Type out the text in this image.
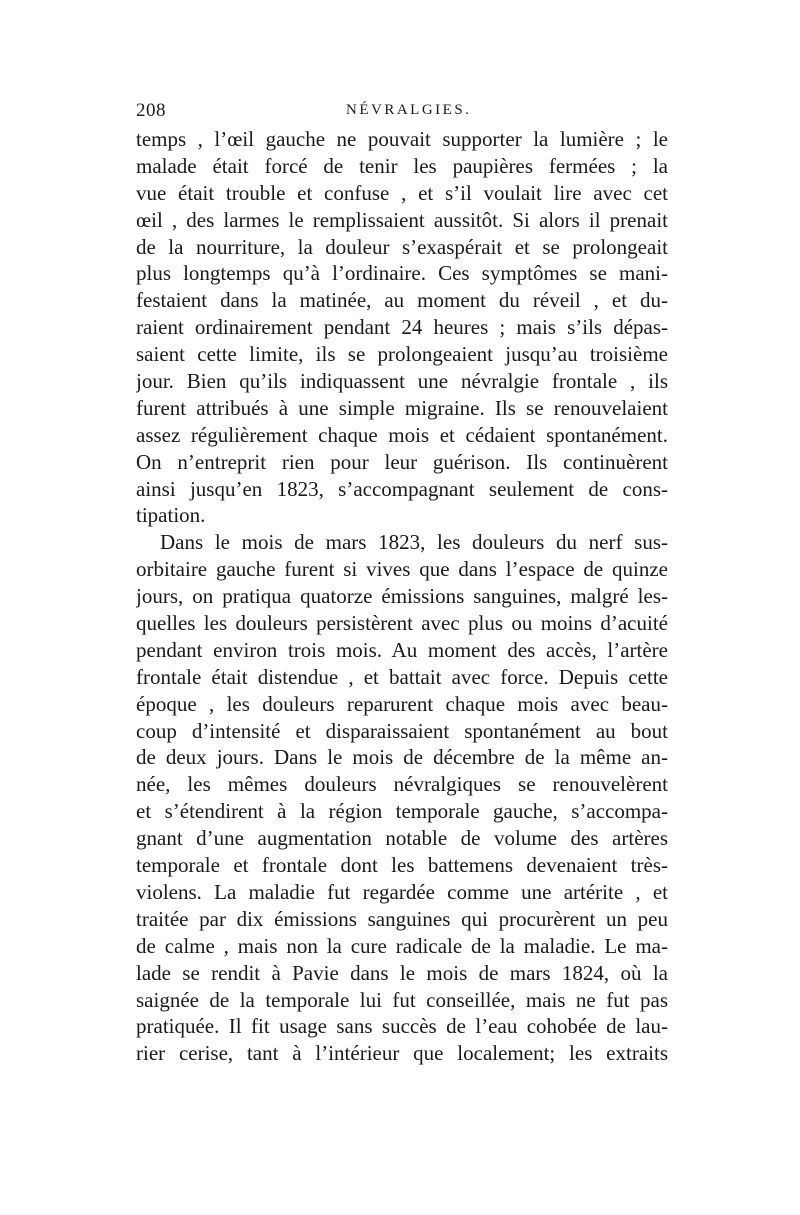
208	NÉVRALGIES.
temps , l’œil gauche ne pouvait supporter la lumière ; le
malade était forcé de tenir les paupières fermées ; la
vue était trouble et confuse , et s’il voulait lire avec cet
œil , des larmes le remplissaient aussitôt. Si alors il prenait
de la nourriture, la douleur s’exaspérait et se prolongeait
plus longtemps qu’à l’ordinaire. Ces symptômes se mani-
festaient dans la matinée, au moment du réveil , et du-
raient ordinairement pendant 24 heures ; mais s’ils dépas-
saient cette limite, ils se prolongeaient jusqu’au troisième
jour. Bien qu’ils indiquassent une névralgie frontale , ils
furent attribués à une simple migraine. Ils se renouvelaient
assez régulièrement chaque mois et cédaient spontanément.
On n’entreprit rien pour leur guérison. Ils continuèrent
ainsi jusqu’en 1823, s’accompagnant seulement de cons-
tipation.
Dans le mois de mars 1823, les douleurs du nerf sus-
orbitaire gauche furent si vives que dans l’espace de quinze
jours, on pratiqua quatorze émissions sanguines, malgré les-
quelles les douleurs persistèrent avec plus ou moins d’acuité
pendant environ trois mois. Au moment des accès, l’artère
frontale était distendue , et battait avec force. Depuis cette
époque , les douleurs reparurent chaque mois avec beau-
coup d’intensité et disparaissaient spontanément au bout
de deux jours. Dans le mois de décembre de la même an-
née, les mêmes douleurs névralgiques se renouvelèrent
et s’étendirent à la région temporale gauche, s’accompa-
gnant d’une augmentation notable de volume des artères
temporale et frontale dont les battemens devenaient très-
violens. La maladie fut regardée comme une artérite , et
traitée par dix émissions sanguines qui procurèrent un peu
de calme , mais non la cure radicale de la maladie. Le ma-
lade se rendit à Pavie dans le mois de mars 1824, où la
saignée de la temporale lui fut conseillée, mais ne fut pas
pratiquée. Il fit usage sans succès de l’eau cohobée de lau-
rier cerise, tant à l’intérieur que localement; les extraits
